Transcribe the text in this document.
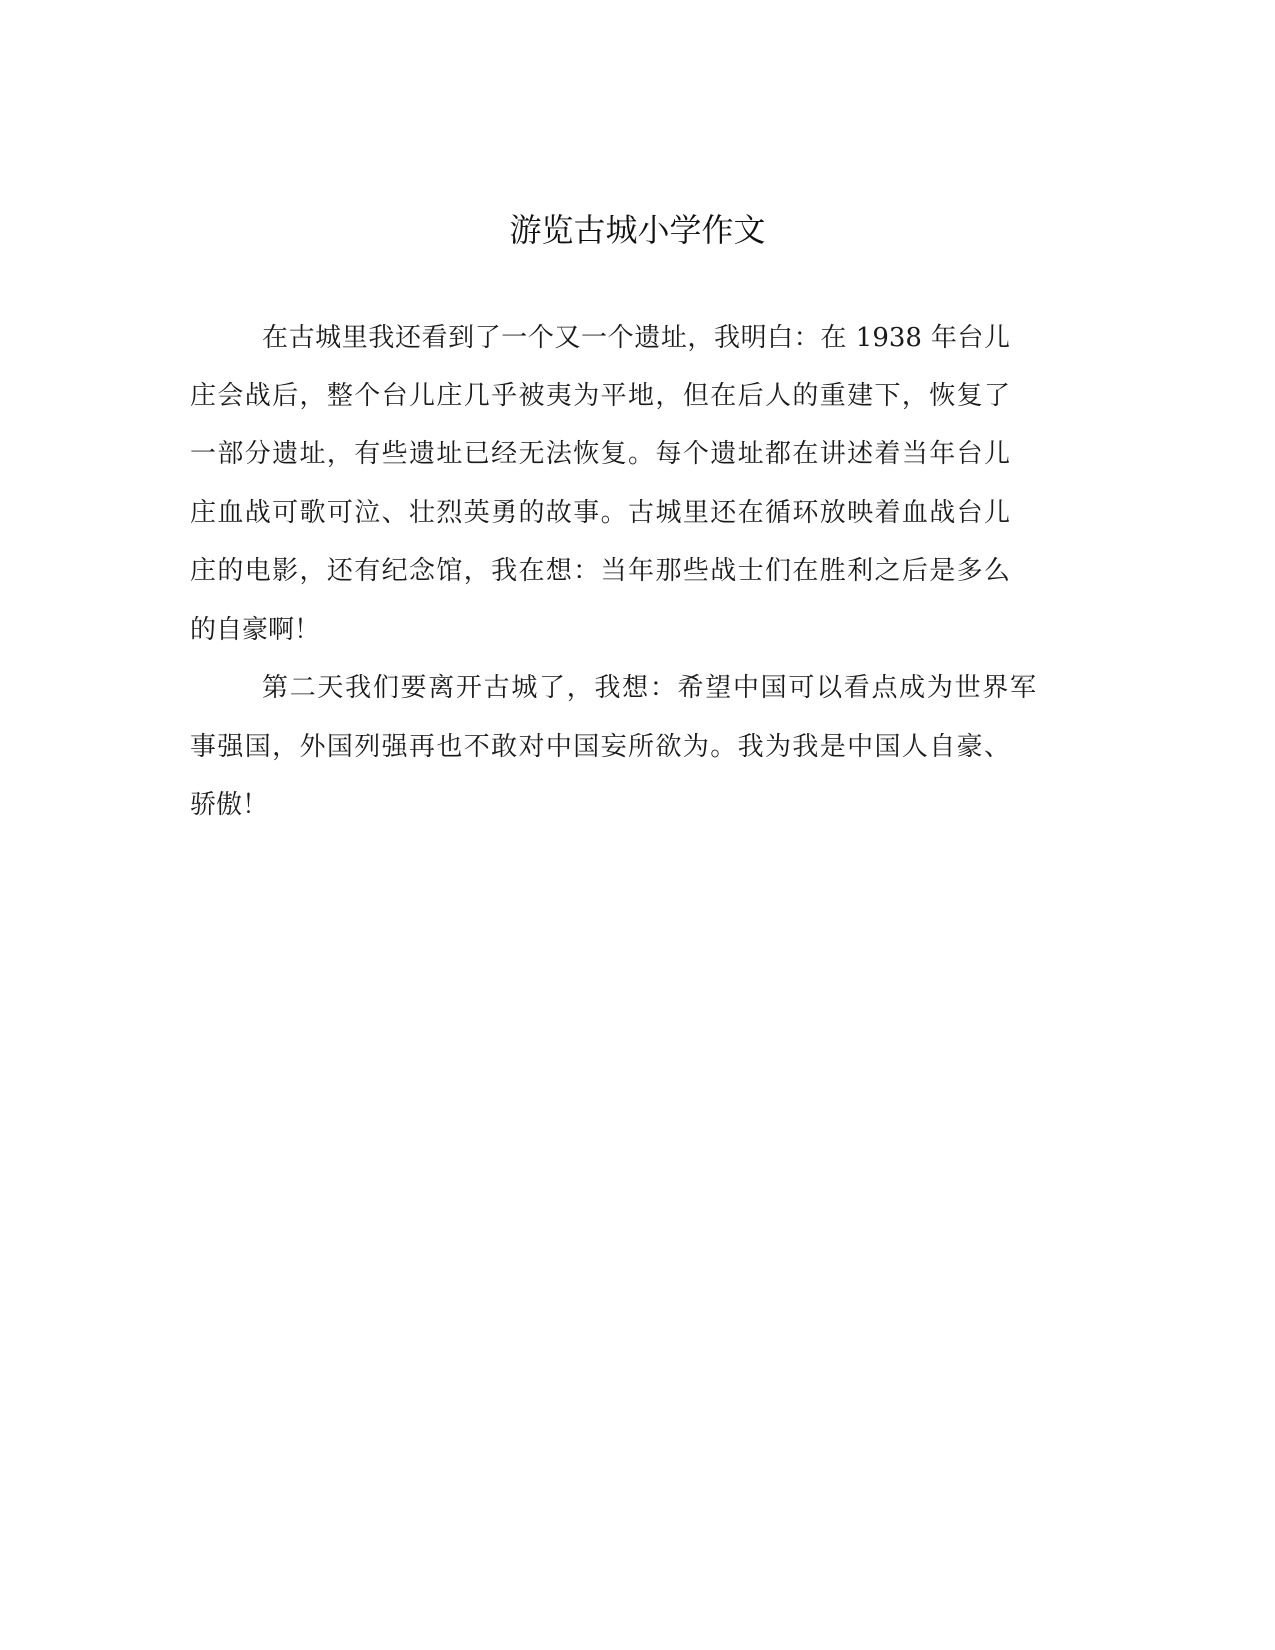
游览古城小学作文

在古城里我还看到了一个又一个遗址，我明白：在 1938 年台儿

庄会战后，整个台儿庄几乎被夷为平地，但在后人的重建下，恢复了

一部分遗址，有些遗址已经无法恢复。每个遗址都在讲述着当年台儿

庄血战可歌可泣、壮烈英勇的故事。古城里还在循环放映着血战台儿

庄的电影，还有纪念馆，我在想：当年那些战士们在胜利之后是多么

的自豪啊！

第二天我们要离开古城了，我想：希望中国可以看点成为世界军

事强国，外国列强再也不敢对中国妄所欲为。我为我是中国人自豪、

骄傲！
